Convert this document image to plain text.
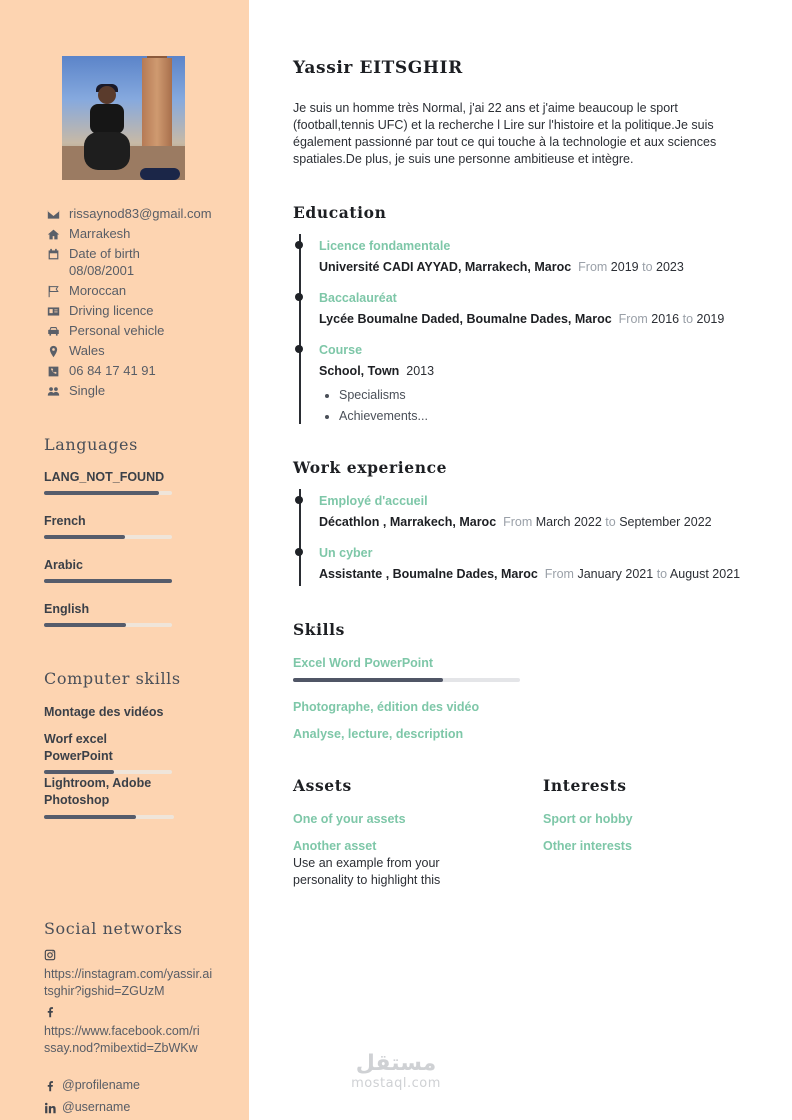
rissaynod83@gmail.com
Marrakesh
Date of birth 08/08/2001
Moroccan
Driving licence
Personal vehicle
Wales
06 84 17 41 91
Single
Languages
LANG_NOT_FOUND
French
Arabic
English
Computer skills
Montage des vidéos
Worf excel PowerPoint
Lightroom, Adobe Photoshop
Social networks
https://instagram.com/yassir.aitsghir?igshid=ZGUzM
https://www.facebook.com/rissay.nod?mibextid=ZbWKw
@profilename
@username
Yassir EITSGHIR
Je suis un homme très Normal, j'ai 22 ans et j'aime beaucoup le sport (football,tennis UFC) et la recherche l Lire sur l'histoire et la politique.Je suis également passionné par tout ce qui touche à la technologie et aux sciences spatiales.De plus, je suis une personne ambitieuse et intègre.
Education
Licence fondamentale
Université CADI AYYAD, Marrakech, Maroc From 2019 to 2023
Baccalauréat
Lycée Boumalne Daded, Boumalne Dades, Maroc From 2016 to 2019
Course
School, Town 2013
• Specialisms
• Achievements...
Work experience
Employé d'accueil
Décathlon , Marrakech, Maroc From March 2022 to September 2022
Un cyber
Assistante , Boumalne Dades, Maroc From January 2021 to August 2021
Skills
Excel Word PowerPoint
Photographe, édition des vidéo
Analyse, lecture, description
Assets
One of your assets
Another asset
Use an example from your personality to highlight this
Interests
Sport or hobby
Other interests
مستقل
mostaql.com
